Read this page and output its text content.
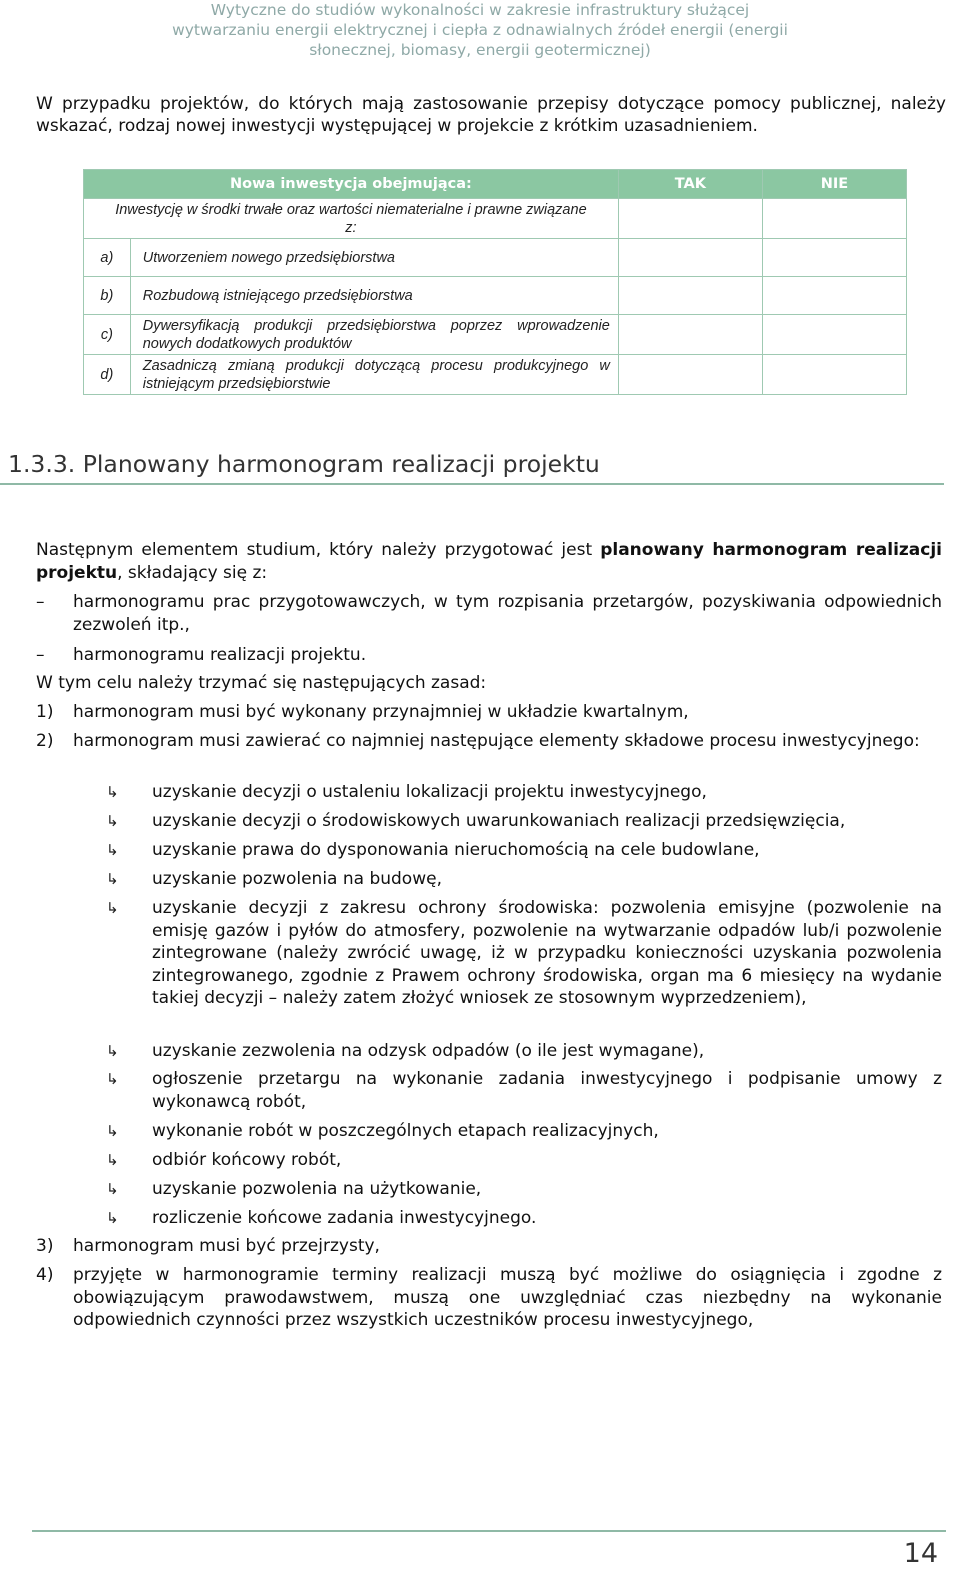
Wytyczne do studiów wykonalności w zakresie infrastruktury służącej
wytwarzaniu energii elektrycznej i ciepła z odnawialnych źródeł energii (energii
słonecznej, biomasy, energii geotermicznej)
W przypadku projektów, do których mają zastosowanie przepisy dotyczące pomocy publicznej, należy wskazać, rodzaj nowej inwestycji występującej w projekcie z krótkim uzasadnieniem.
Nowa inwestycja obejmująca:		TAK	NIE
Inwestycję w środki trwałe oraz wartości niematerialne i prawne związane z:			
a)	Utworzeniem nowego przedsiębiorstwa		
b)	Rozbudową istniejącego przedsiębiorstwa		
c)	Dywersyfikacją produkcji przedsiębiorstwa poprzez wprowadzenie nowych dodatkowych produktów		
d)	Zasadniczą zmianą produkcji dotyczącą procesu produkcyjnego w istniejącym przedsiębiorstwie		
1.3.3. Planowany harmonogram realizacji projektu
Następnym elementem studium, który należy przygotować jest planowany harmonogram realizacji projektu, składający się z:
– harmonogramu prac przygotowawczych, w tym rozpisania przetargów, pozyskiwania odpowiednich zezwoleń itp.,
– harmonogramu realizacji projektu.
W tym celu należy trzymać się następujących zasad:
1) harmonogram musi być wykonany przynajmniej w układzie kwartalnym,
2) harmonogram musi zawierać co najmniej następujące elementy składowe procesu inwestycyjnego:
↳ uzyskanie decyzji o ustaleniu lokalizacji projektu inwestycyjnego,
↳ uzyskanie decyzji o środowiskowych uwarunkowaniach realizacji przedsięwzięcia,
↳ uzyskanie prawa do dysponowania nieruchomością na cele budowlane,
↳ uzyskanie pozwolenia na budowę,
↳ uzyskanie decyzji z zakresu ochrony środowiska: pozwolenia emisyjne (pozwolenie na emisję gazów i pyłów do atmosfery, pozwolenie na wytwarzanie odpadów lub/i pozwolenie zintegrowane (należy zwrócić uwagę, iż w przypadku konieczności uzyskania pozwolenia zintegrowanego, zgodnie z Prawem ochrony środowiska, organ ma 6 miesięcy na wydanie takiej decyzji – należy zatem złożyć wniosek ze stosownym wyprzedzeniem),
↳ uzyskanie zezwolenia na odzysk odpadów (o ile jest wymagane),
↳ ogłoszenie przetargu na wykonanie zadania inwestycyjnego i podpisanie umowy z wykonawcą robót,
↳ wykonanie robót w poszczególnych etapach realizacyjnych,
↳ odbiór końcowy robót,
↳ uzyskanie pozwolenia na użytkowanie,
↳ rozliczenie końcowe zadania inwestycyjnego.
3) harmonogram musi być przejrzysty,
4) przyjęte w harmonogramie terminy realizacji muszą być możliwe do osiągnięcia i zgodne z obowiązującym prawodawstwem, muszą one uwzględniać czas niezbędny na wykonanie odpowiednich czynności przez wszystkich uczestników procesu inwestycyjnego,
14
